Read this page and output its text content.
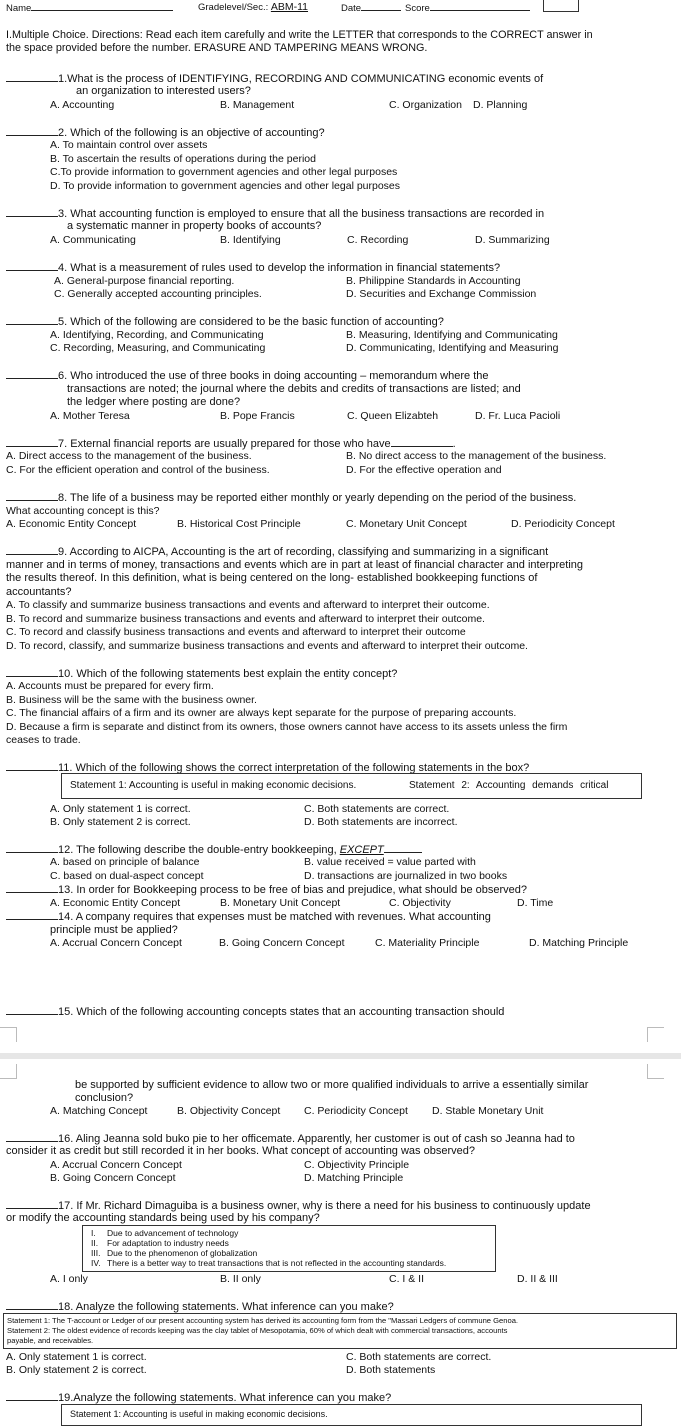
Name	Gradelevel/Sec.: ABM-11	Date	Score
I.Multiple Choice. Directions: Read each item carefully and write the LETTER that corresponds to the CORRECT answer in
the space provided before the number. ERASURE AND TAMPERING MEANS WRONG.
1.What is the process of IDENTIFYING, RECORDING AND COMMUNICATING economic events of
an organization to interested users?
A. Accounting	B. Management	C. Organization D. Planning
2. Which of the following is an objective of accounting?
A. To maintain control over assets
B. To ascertain the results of operations during the period
C.To provide information to government agencies and other legal purposes
D. To provide information to government agencies and other legal purposes
3. What accounting function is employed to ensure that all the business transactions are recorded in
a systematic manner in property books of accounts?
A. Communicating	B. Identifying	C. Recording	D. Summarizing
4. What is a measurement of rules used to develop the information in financial statements?
A. General-purpose financial reporting.	B. Philippine Standards in Accounting
C. Generally accepted accounting principles.	D. Securities and Exchange Commission
5. Which of the following are considered to be the basic function of accounting?
A. Identifying, Recording, and Communicating	B. Measuring, Identifying and Communicating
C. Recording, Measuring, and Communicating	D. Communicating, Identifying and Measuring
6. Who introduced the use of three books in doing accounting – memorandum where the
transactions are noted; the journal where the debits and credits of transactions are listed; and
the ledger where posting are done?
A. Mother Teresa	B. Pope Francis	C. Queen Elizabteh	D. Fr. Luca Pacioli
7. External financial reports are usually prepared for those who have	.
A. Direct access to the management of the business.	B. No direct access to the management of the business.
C. For the efficient operation and control of the business.	D. For the effective operation and
8. The life of a business may be reported either monthly or yearly depending on the period of the business.
What accounting concept is this?
A. Economic Entity Concept	B. Historical Cost Principle	C. Monetary Unit Concept	D. Periodicity Concept
9. According to AICPA, Accounting is the art of recording, classifying and summarizing in a significant
manner and in terms of money, transactions and events which are in part at least of financial character and interpreting
the results thereof. In this definition, what is being centered on the long- established bookkeeping functions of
accountants?
A. To classify and summarize business transactions and events and afterward to interpret their outcome.
B. To record and summarize business transactions and events and afterward to interpret their outcome.
C. To record and classify business transactions and events and afterward to interpret their outcome
D. To record, classify, and summarize business transactions and events and afterward to interpret their outcome.
10. Which of the following statements best explain the entity concept?
A. Accounts must be prepared for every firm.
B. Business will be the same with the business owner.
C. The financial affairs of a firm and its owner are always kept separate for the purpose of preparing accounts.
D. Because a firm is separate and distinct from its owners, those owners cannot have access to its assets unless the firm
ceases to trade.
11. Which of the following shows the correct interpretation of the following statements in the box?
Statement 1: Accounting is useful in making economic decisions.	Statement 2: Accounting demands critical
A. Only statement 1 is correct.	C. Both statements are correct.
B. Only statement 2 is correct.	D. Both statements are incorrect.
12. The following describe the double-entry bookkeeping, EXCEPT
A. based on principle of balance	B. value received = value parted with
C. based on dual-aspect concept	D. transactions are journalized in two books
13. In order for Bookkeeping process to be free of bias and prejudice, what should be observed?
A. Economic Entity Concept	B. Monetary Unit Concept	C. Objectivity	D. Time
14. A company requires that expenses must be matched with revenues. What accounting
principle must be applied?
A. Accrual Concern Concept	B. Going Concern Concept	C. Materiality Principle	D. Matching Principle
15. Which of the following accounting concepts states that an accounting transaction should
be supported by sufficient evidence to allow two or more qualified individuals to arrive a essentially similar
conclusion?
A. Matching Concept	B. Objectivity Concept C. Periodicity Concept D. Stable Monetary Unit
16. Aling Jeanna sold buko pie to her officemate. Apparently, her customer is out of cash so Jeanna had to
consider it as credit but still recorded it in her books. What concept of accounting was observed?
A. Accrual Concern Concept	C. Objectivity Principle
B. Going Concern Concept	D. Matching Principle
17. If Mr. Richard Dimaguiba is a business owner, why is there a need for his business to continuously update
or modify the accounting standards being used by his company?
I. Due to advancement of technology
II. For adaptation to industry needs
III. Due to the phenomenon of globalization
IV. There is a better way to treat transactions that is not reflected in the accounting standards.
A. I only	B. II only	C. I & II	D. II & III
18. Analyze the following statements. What inference can you make?
Statement 1: The T-account or Ledger of our present accounting system has derived its accounting form from the "Massari Ledgers of commune Genoa.
Statement 2: The oldest evidence of records keeping was the clay tablet of Mesopotamia, 60% of which dealt with commercial transactions, accounts
payable, and receivables.
A. Only statement 1 is correct.	C. Both statements are correct.
B. Only statement 2 is correct.	D. Both statements
19.Analyze the following statements. What inference can you make?
Statement 1: Accounting is useful in making economic decisions.
